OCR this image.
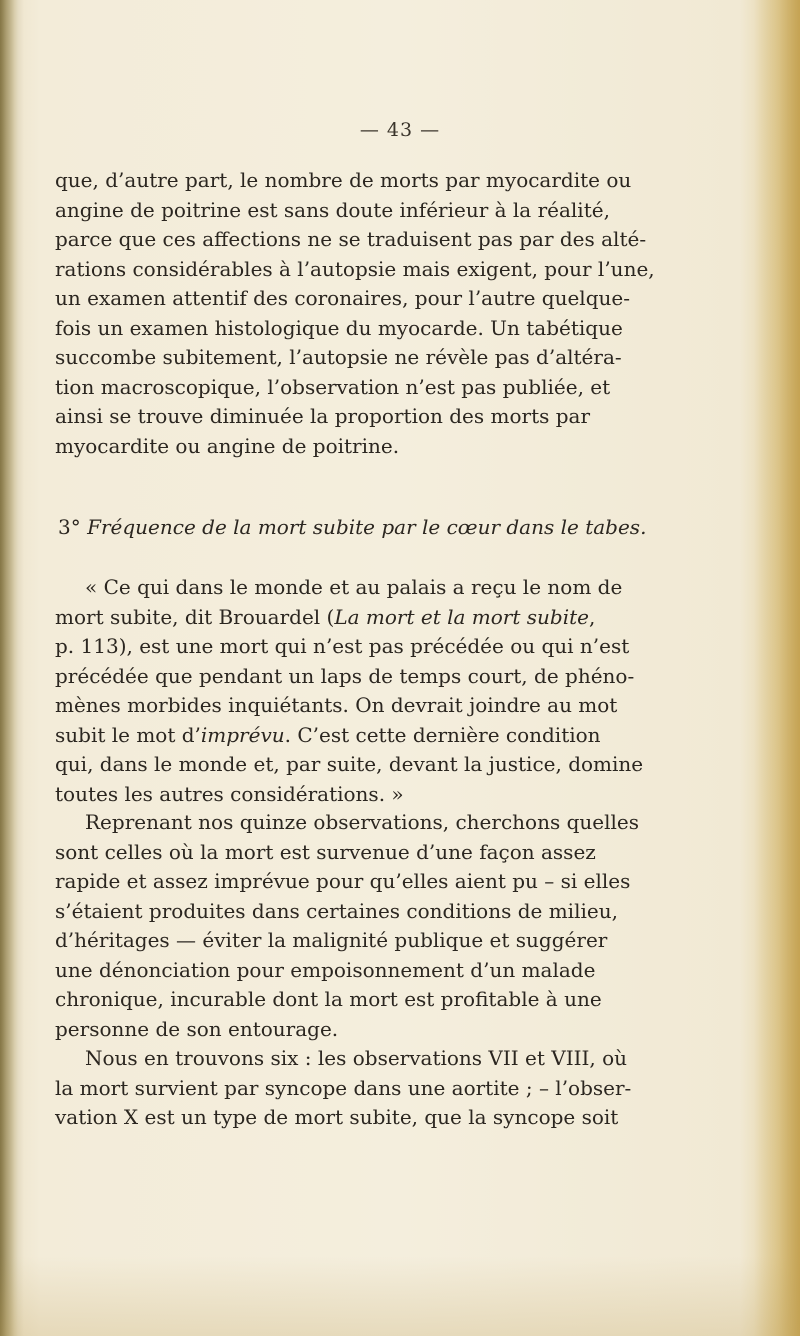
— 43 —
que, d’autre part, le nombre de morts par myocardite ou
angine de poitrine est sans doute inférieur à la réalité,
parce que ces affections ne se traduisent pas par des alté-
rations considérables à l’autopsie mais exigent, pour l’une,
un examen attentif des coronaires, pour l’autre quelque-
fois un examen histologique du myocarde. Un tabétique
succombe subitement, l’autopsie ne révèle pas d’altéra-
tion macroscopique, l’observation n’est pas publiée, et
ainsi se trouve diminuée la proportion des morts par
myocardite ou angine de poitrine.
3° Fréquence de la mort subite par le cœur dans le tabes.
« Ce qui dans le monde et au palais a reçu le nom de
mort subite, dit Brouardel (La mort et la mort subite,
p. 113), est une mort qui n’est pas précédée ou qui n’est
précédée que pendant un laps de temps court, de phéno-
mènes morbides inquiétants. On devrait joindre au mot
subit le mot d’imprévu. C’est cette dernière condition
qui, dans le monde et, par suite, devant la justice, domine
toutes les autres considérations. »
Reprenant nos quinze observations, cherchons quelles
sont celles où la mort est survenue d’une façon assez
rapide et assez imprévue pour qu’elles aient pu – si elles
s’étaient produites dans certaines conditions de milieu,
d’héritages — éviter la malignité publique et suggérer
une dénonciation pour empoisonnement d’un malade
chronique, incurable dont la mort est profitable à une
personne de son entourage.
Nous en trouvons six : les observations VII et VIII, où
la mort survient par syncope dans une aortite ; – l’obser-
vation X est un type de mort subite, que la syncope soit
